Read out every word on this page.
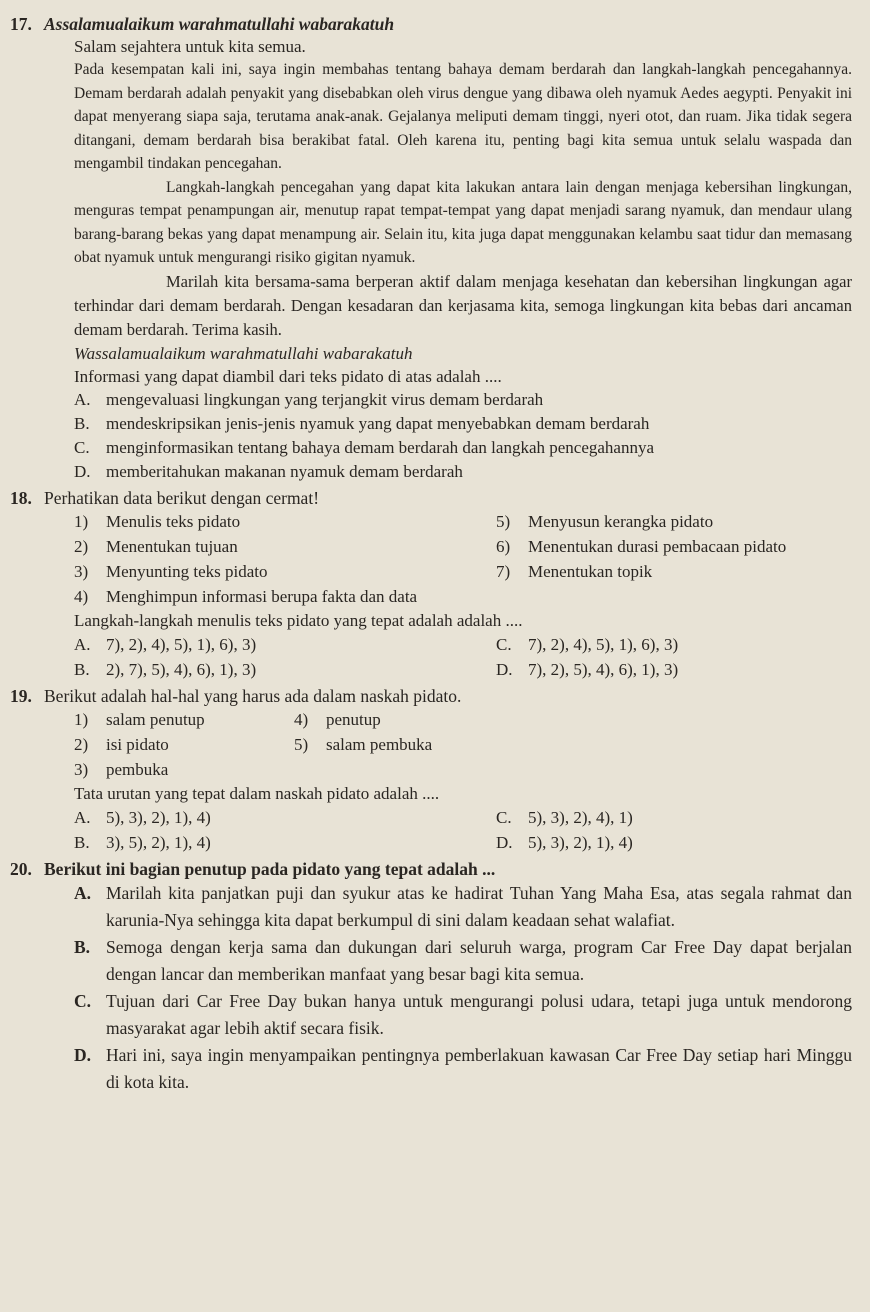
17. Assalamualaikum warahmatullahi wabarakatuh
Salam sejahtera untuk kita semua.
Pada kesempatan kali ini, saya ingin membahas tentang bahaya demam berdarah dan langkah-langkah pencegahannya. Demam berdarah adalah penyakit yang disebabkan oleh virus dengue yang dibawa oleh nyamuk Aedes aegypti. Penyakit ini dapat menyerang siapa saja, terutama anak-anak. Gejalanya meliputi demam tinggi, nyeri otot, dan ruam. Jika tidak segera ditangani, demam berdarah bisa berakibat fatal. Oleh karena itu, penting bagi kita semua untuk selalu waspada dan mengambil tindakan pencegahan.
Langkah-langkah pencegahan yang dapat kita lakukan antara lain dengan menjaga kebersihan lingkungan, menguras tempat penampungan air, menutup rapat tempat-tempat yang dapat menjadi sarang nyamuk, dan mendaur ulang barang-barang bekas yang dapat menampung air. Selain itu, kita juga dapat menggunakan kelambu saat tidur dan memasang obat nyamuk untuk mengurangi risiko gigitan nyamuk.
Marilah kita bersama-sama berperan aktif dalam menjaga kesehatan dan kebersihan lingkungan agar terhindar dari demam berdarah. Dengan kesadaran dan kerjasama kita, semoga lingkungan kita bebas dari ancaman demam berdarah. Terima kasih.
Wassalamualaikum warahmatullahi wabarakatuh
Informasi yang dapat diambil dari teks pidato di atas adalah ....
A. mengevaluasi lingkungan yang terjangkit virus demam berdarah
B. mendeskripsikan jenis-jenis nyamuk yang dapat menyebabkan demam berdarah
C. menginformasikan tentang bahaya demam berdarah dan langkah pencegahannya
D. memberitahukan makanan nyamuk demam berdarah
18. Perhatikan data berikut dengan cermat!
1)	Menulis teks pidato	5)	Menyusun kerangka pidato
2)	Menentukan tujuan	6)	Menentukan durasi pembacaan pidato
3)	Menyunting teks pidato	7)	Menentukan topik
4)	Menghimpun informasi berupa fakta dan data
Langkah-langkah menulis teks pidato yang tepat adalah adalah ....
A. 7), 2), 4), 5), 1), 6), 3)	C. 7), 2), 4), 5), 1), 6), 3)
B. 2), 7), 5), 4), 6), 1), 3)	D. 7), 2), 5), 4), 6), 1), 3)
19. Berikut adalah hal-hal yang harus ada dalam naskah pidato.
1)	salam penutup	4)	penutup
2)	isi pidato	5)	salam pembuka
3)	pembuka
Tata urutan yang tepat dalam naskah pidato adalah ....
A. 5), 3), 2), 1), 4)	C. 5), 3), 2), 4), 1)
B. 3), 5), 2), 1), 4)	D. 5), 3), 2), 1), 4)
20. Berikut ini bagian penutup pada pidato yang tepat adalah ...
A. Marilah kita panjatkan puji dan syukur atas ke hadirat Tuhan Yang Maha Esa, atas segala rahmat dan karunia-Nya sehingga kita dapat berkumpul di sini dalam keadaan sehat walafiat.
B. Semoga dengan kerja sama dan dukungan dari seluruh warga, program Car Free Day dapat berjalan dengan lancar dan memberikan manfaat yang besar bagi kita semua.
C. Tujuan dari Car Free Day bukan hanya untuk mengurangi polusi udara, tetapi juga untuk mendorong masyarakat agar lebih aktif secara fisik.
D. Hari ini, saya ingin menyampaikan pentingnya pemberlakuan kawasan Car Free Day setiap hari Minggu di kota kita.
